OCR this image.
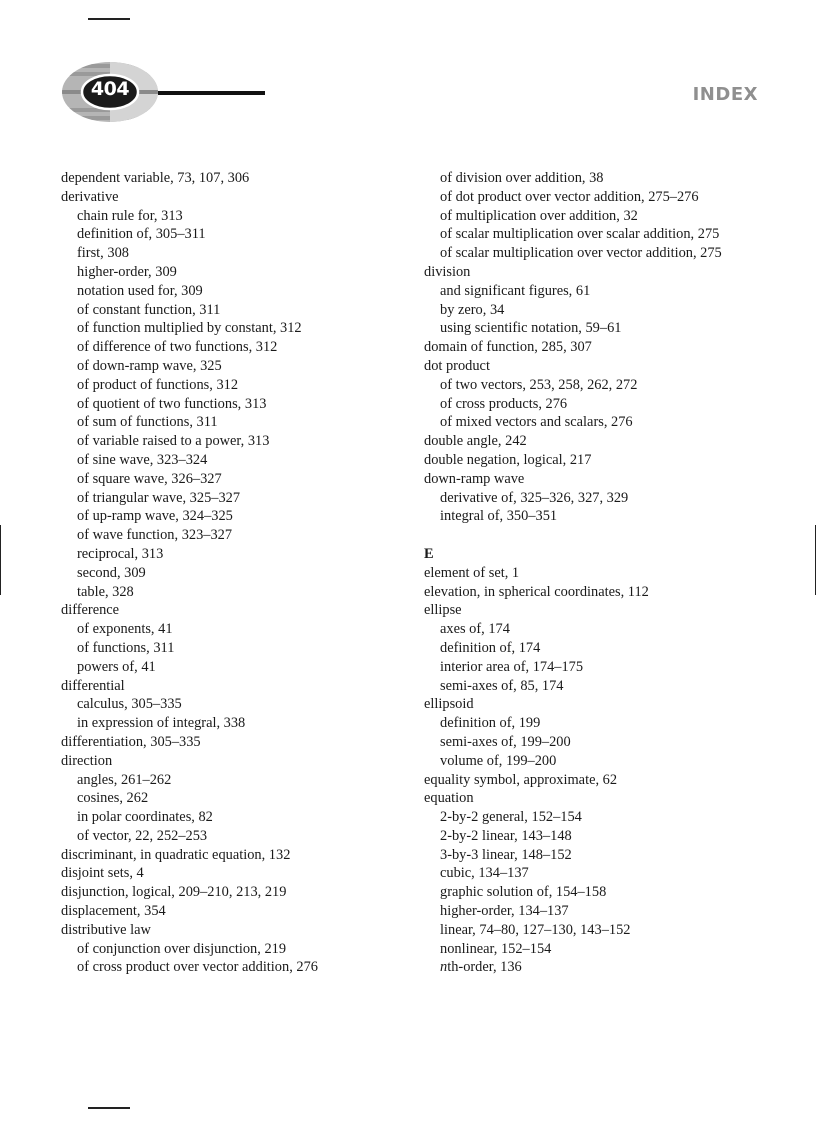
404	INDEX
dependent variable, 73, 107, 306
derivative
chain rule for, 313
definition of, 305–311
first, 308
higher-order, 309
notation used for, 309
of constant function, 311
of function multiplied by constant, 312
of difference of two functions, 312
of down-ramp wave, 325
of product of functions, 312
of quotient of two functions, 313
of sum of functions, 311
of variable raised to a power, 313
of sine wave, 323–324
of square wave, 326–327
of triangular wave, 325–327
of up-ramp wave, 324–325
of wave function, 323–327
reciprocal, 313
second, 309
table, 328
difference
of exponents, 41
of functions, 311
powers of, 41
differential
calculus, 305–335
in expression of integral, 338
differentiation, 305–335
direction
angles, 261–262
cosines, 262
in polar coordinates, 82
of vector, 22, 252–253
discriminant, in quadratic equation, 132
disjoint sets, 4
disjunction, logical, 209–210, 213, 219
displacement, 354
distributive law
of conjunction over disjunction, 219
of cross product over vector addition, 276
of division over addition, 38
of dot product over vector addition, 275–276
of multiplication over addition, 32
of scalar multiplication over scalar addition, 275
of scalar multiplication over vector addition, 275
division
and significant figures, 61
by zero, 34
using scientific notation, 59–61
domain of function, 285, 307
dot product
of two vectors, 253, 258, 262, 272
of cross products, 276
of mixed vectors and scalars, 276
double angle, 242
double negation, logical, 217
down-ramp wave
derivative of, 325–326, 327, 329
integral of, 350–351
E
element of set, 1
elevation, in spherical coordinates, 112
ellipse
axes of, 174
definition of, 174
interior area of, 174–175
semi-axes of, 85, 174
ellipsoid
definition of, 199
semi-axes of, 199–200
volume of, 199–200
equality symbol, approximate, 62
equation
2-by-2 general, 152–154
2-by-2 linear, 143–148
3-by-3 linear, 148–152
cubic, 134–137
graphic solution of, 154–158
higher-order, 134–137
linear, 74–80, 127–130, 143–152
nonlinear, 152–154
nth-order, 136
